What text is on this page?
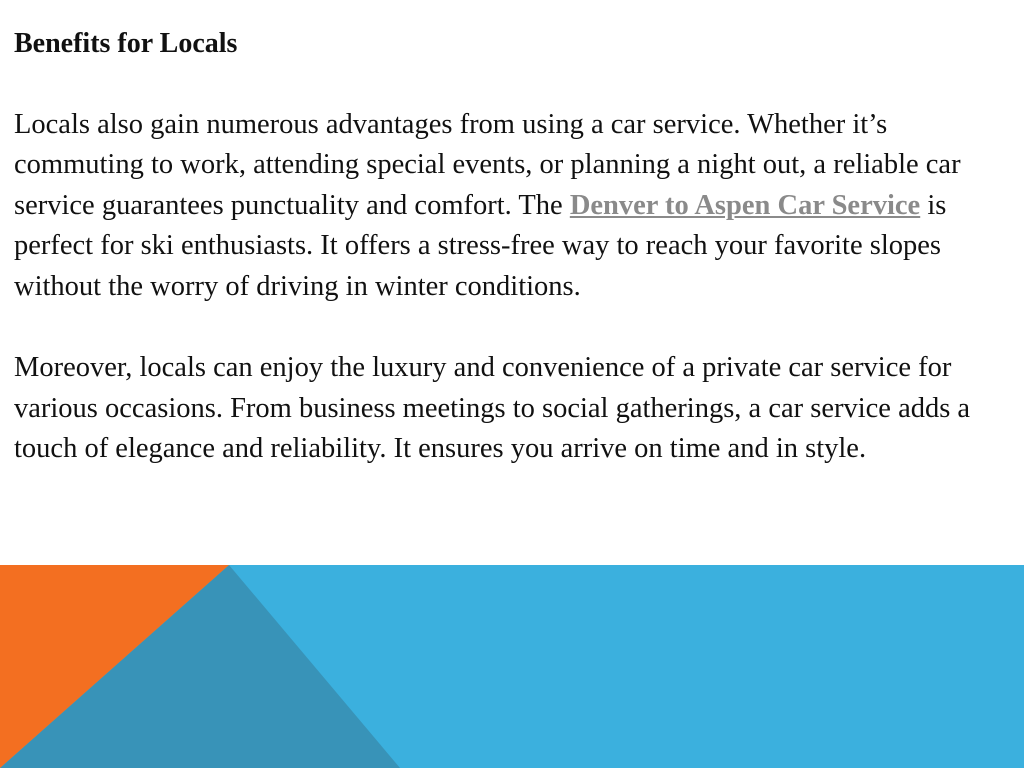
Benefits for Locals

Locals also gain numerous advantages from using a car service. Whether it’s commuting to work, attending special events, or planning a night out, a reliable car service guarantees punctuality and comfort. The Denver to Aspen Car Service is perfect for ski enthusiasts. It offers a stress-free way to reach your favorite slopes without the worry of driving in winter conditions.

Moreover, locals can enjoy the luxury and convenience of a private car service for various occasions. From business meetings to social gatherings, a car service adds a touch of elegance and reliability. It ensures you arrive on time and in style.
